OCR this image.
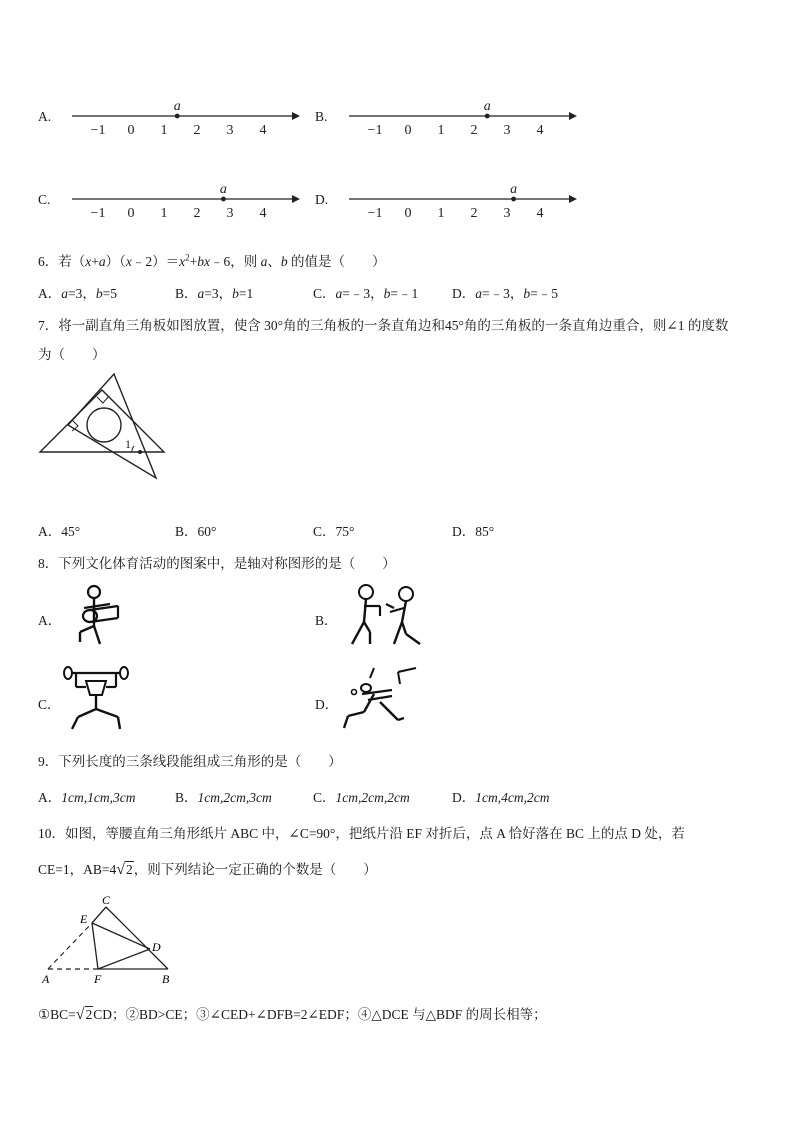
A.	B.
C.	D.
−1 0 1 2 3 4
a
−1 0 1 2 3 4
a
−1 0 1 2 3 4
a
−1 0 1 2 3 4
a
6．若$(x+a)(x﹣2)=x^2+bx﹣6$，则 a、b 的值是（　　）
A．a=3，b=5	B．a=3，b=1	C．a=﹣3，b=﹣1 D．a=﹣3，b=﹣5
7．将一副直角三角板如图放置，使含 30°角的三角板的一条直角边和45°角的三角板的一条直角边重合，则∠1 的度数
为（　　）
1
A．45°	B．60°	C．75°	D．85°
8．下列文化体育活动的图案中，是轴对称图形的是（　　）
A．	B．
C．	D．
9．下列长度的三条线段能组成三角形的是（　　）
A．1cm,1cm,3cm	B．1cm,2cm,3cm	C．1cm,2cm,2cm	D．1cm,4cm,2cm
10．如图，等腰直角三角形纸片 ABC 中，∠C=90°，把纸片沿 EF 对折后，点 A 恰好落在 BC 上的点 D 处，若
CE=1，AB=4√2，则下列结论一定正确的个数是（　　）
C
E
D
A	F	B
①BC=√2CD；②BD>CE；③∠CED+∠DFB=2∠EDF；④△DCE 与△BDF 的周长相等；
